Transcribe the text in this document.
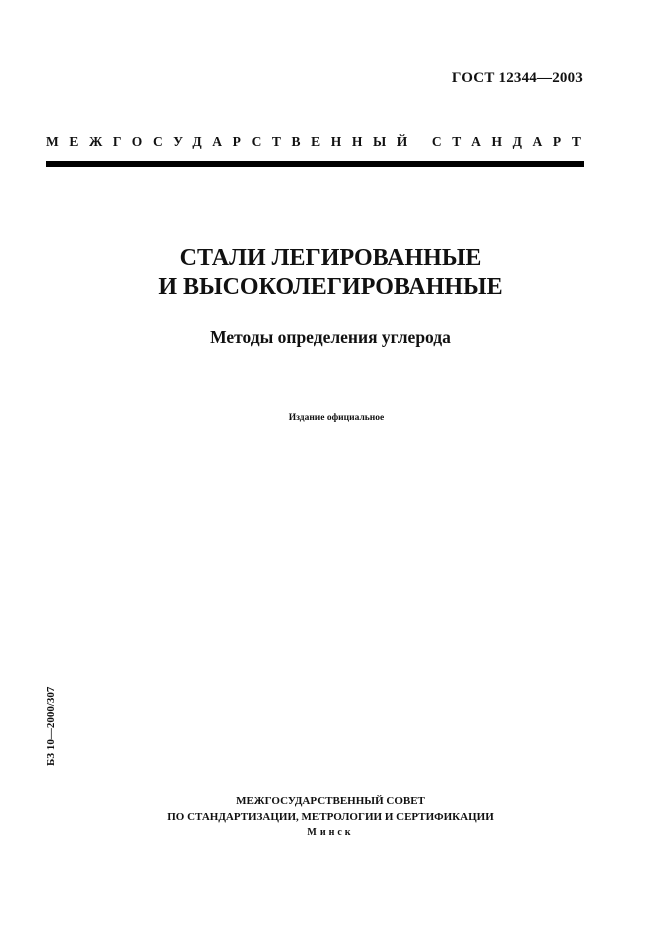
ГОСТ 12344—2003
МЕЖГОСУДАРСТВЕННЫЙ СТАНДАРТ
СТАЛИ ЛЕГИРОВАННЫЕ
И ВЫСОКОЛЕГИРОВАННЫЕ
Методы определения углерода
Издание официальное
БЗ 10—2000/307
МЕЖГОСУДАРСТВЕННЫЙ СОВЕТ
ПО СТАНДАРТИЗАЦИИ, МЕТРОЛОГИИ И СЕРТИФИКАЦИИ
Минск
